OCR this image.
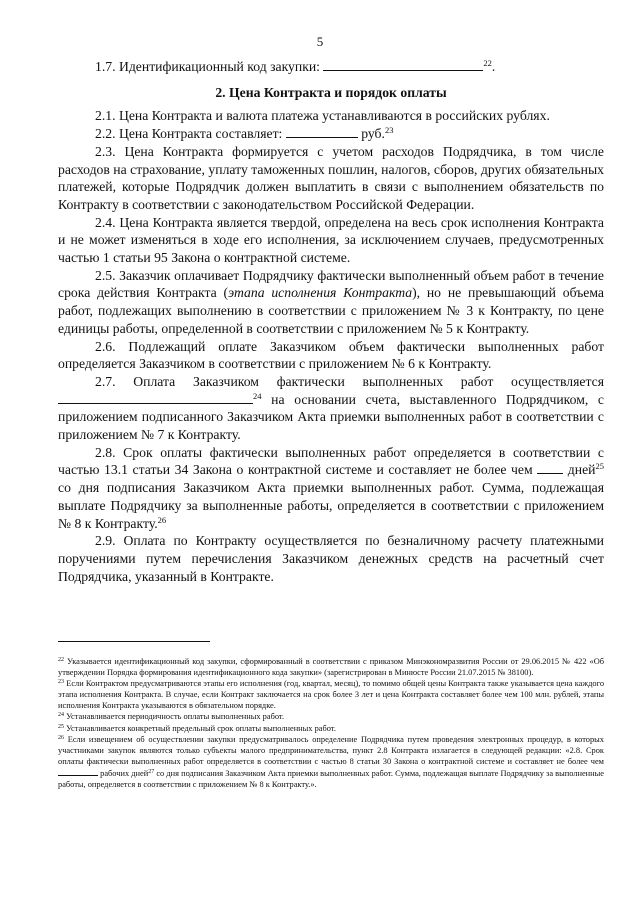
5

1.7. Идентификационный код закупки:	$^{22}$.

2. Цена Контракта и порядок оплаты

2.1. Цена Контракта и валюта платежа устанавливаются в российских рублях.

2.2. Цена Контракта составляет:	руб.$^{23}$

2.3. Цена Контракта формируется с учетом расходов Подрядчика, в том числе расходов на страхование, уплату таможенных пошлин, налогов, сборов, других обязательных платежей, которые Подрядчик должен выплатить в связи с выполнением обязательств по Контракту в соответствии с законодательством Российской Федерации.

2.4. Цена Контракта является твердой, определена на весь срок исполнения Контракта и не может изменяться в ходе его исполнения, за исключением случаев, предусмотренных частью 1 статьи 95 Закона о контрактной системе.

2.5. Заказчик оплачивает Подрядчику фактически выполненный объем работ в течение срока действия Контракта (этапа исполнения Контракта), но не превышающий объема работ, подлежащих выполнению в соответствии с приложением № 3 к Контракту, по цене единицы работы, определенной в соответствии с приложением № 5 к Контракту.

2.6. Подлежащий оплате Заказчиком объем фактически выполненных работ определяется Заказчиком в соответствии с приложением № 6 к Контракту.

2.7. Оплата Заказчиком фактически выполненных работ осуществляется $^{24}$ на основании счета, выставленного Подрядчиком, с приложением подписанного Заказчиком Акта приемки выполненных работ в соответствии с приложением № 7 к Контракту.

2.8. Срок оплаты фактически выполненных работ определяется в соответствии с частью 13.1 статьи 34 Закона о контрактной системе и составляет не более чем	дней$^{25}$ со дня подписания Заказчиком Акта приемки выполненных работ. Сумма, подлежащая выплате Подрядчику за выполненные работы, определяется в соответствии с приложением № 8 к Контракту.$^{26}$

2.9. Оплата по Контракту осуществляется по безналичному расчету платежными поручениями путем перечисления Заказчиком денежных средств на расчетный счет Подрядчика, указанный в Контракте.

$^{22}$ Указывается идентификационный код закупки, сформированный в соответствии с приказом Минэкономразвития России от 29.06.2015 № 422 «Об утверждении Порядка формирования идентификационного кода закупки» (зарегистрирован в Минюсте России 21.07.2015 № 38100).

$^{23}$ Если Контрактом предусматриваются этапы его исполнения (год, квартал, месяц), то помимо общей цены Контракта также указывается цена каждого этапа исполнения Контракта. В случае, если Контракт заключается на срок более 3 лет и цена Контракта составляет более чем 100 млн. рублей, этапы исполнения Контракта указываются в обязательном порядке.

$^{24}$ Устанавливается периодичность оплаты выполненных работ.

$^{25}$ Устанавливается конкретный предельный срок оплаты выполненных работ.

$^{26}$ Если извещением об осуществлении закупки предусматривалось определение Подрядчика путем проведения электронных процедур, в которых участниками закупок являются только субъекты малого предпринимательства, пункт 2.8 Контракта излагается в следующей редакции: «2.8. Срок оплаты фактически выполненных работ определяется в соответствии с частью 8 статьи 30 Закона о контрактной системе и составляет не более чем  рабочих дней$^{27}$ со дня подписания Заказчиком Акта приемки выполненных работ. Сумма, подлежащая выплате Подрядчику за выполненные работы, определяется в соответствии с приложением № 8 к Контракту.».
